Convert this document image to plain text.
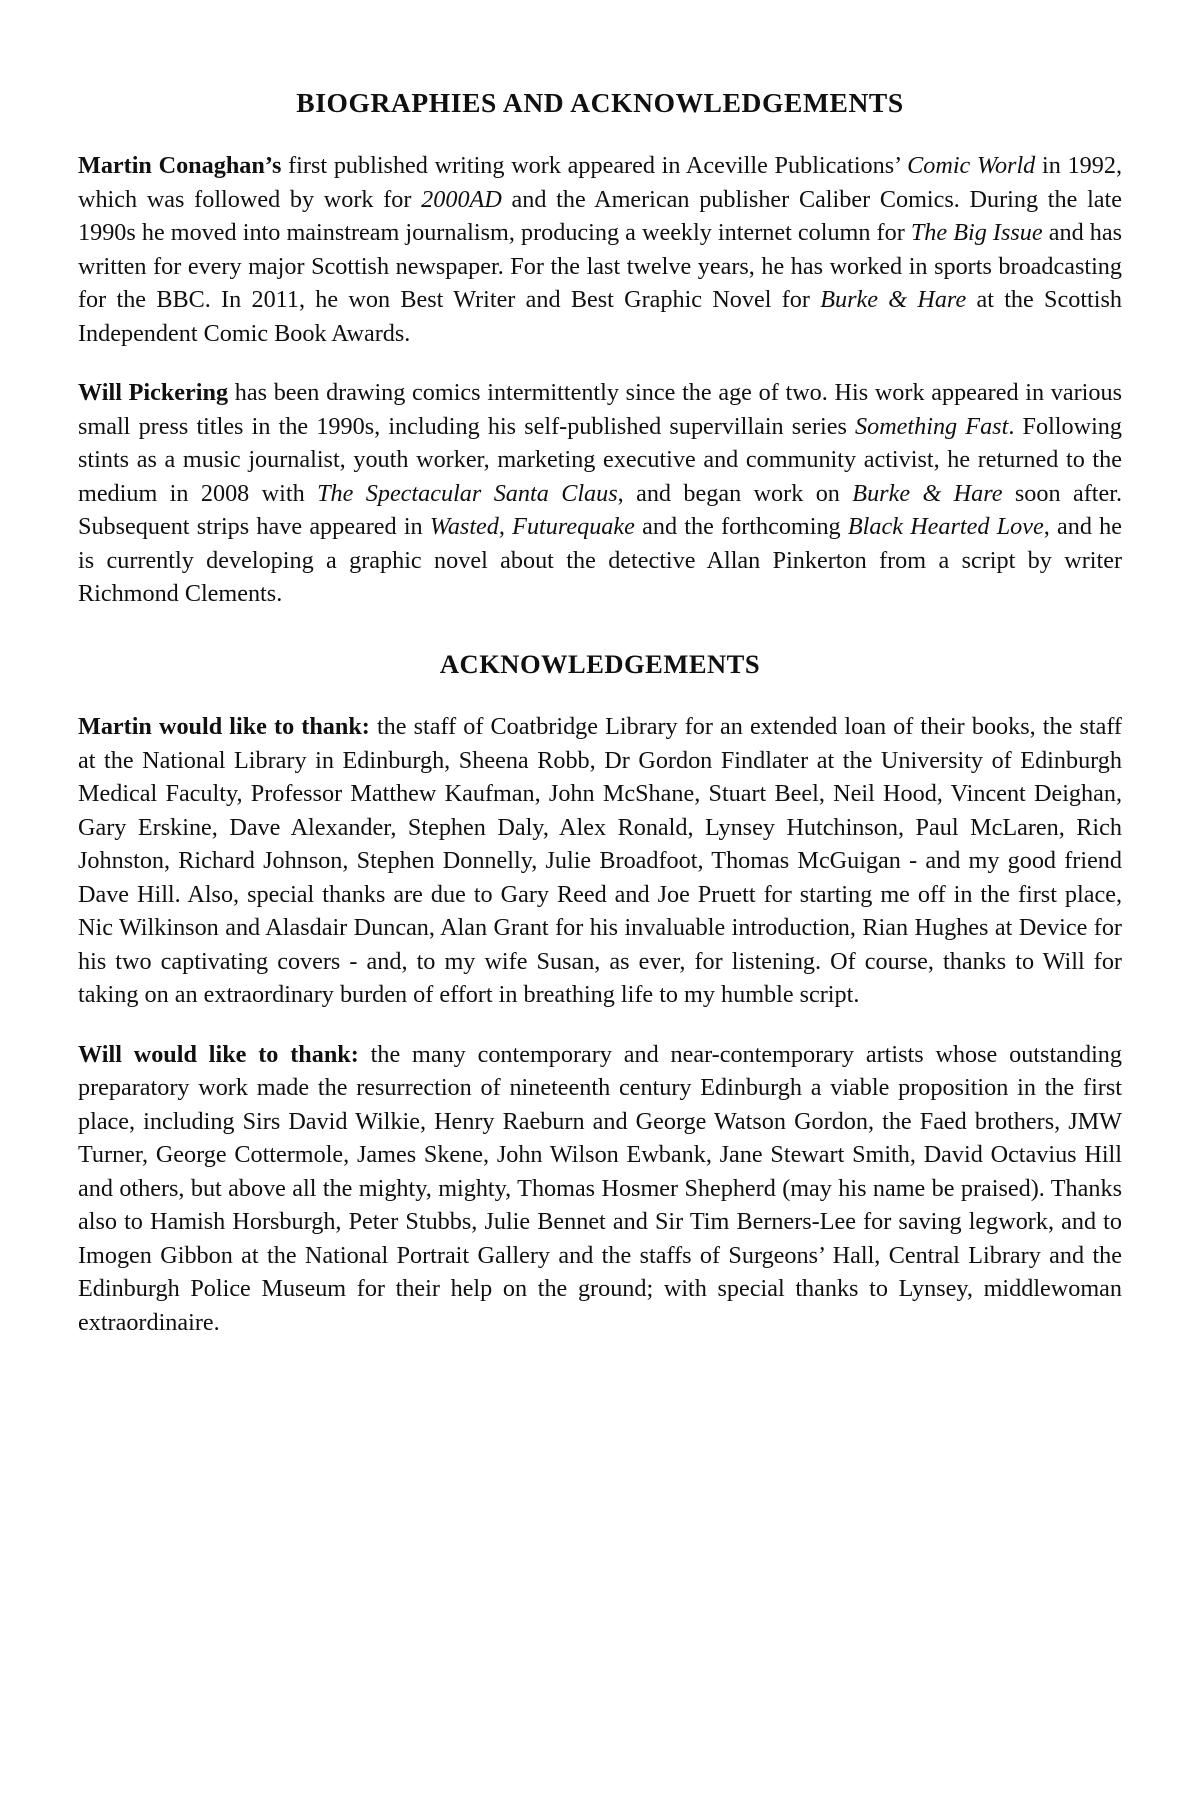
BIOGRAPHIES AND ACKNOWLEDGEMENTS

Martin Conaghan’s first published writing work appeared in Aceville Publications’ Comic World in 1992, which was followed by work for 2000AD and the American publisher Caliber Comics. During the late 1990s he moved into mainstream journalism, producing a weekly internet column for The Big Issue and has written for every major Scottish newspaper. For the last twelve years, he has worked in sports broadcasting for the BBC. In 2011, he won Best Writer and Best Graphic Novel for Burke & Hare at the Scottish Independent Comic Book Awards.

Will Pickering has been drawing comics intermittently since the age of two. His work appeared in various small press titles in the 1990s, including his self-published supervillain series Something Fast. Following stints as a music journalist, youth worker, marketing executive and community activist, he returned to the medium in 2008 with The Spectacular Santa Claus, and began work on Burke & Hare soon after. Subsequent strips have appeared in Wasted, Futurequake and the forthcoming Black Hearted Love, and he is currently developing a graphic novel about the detective Allan Pinkerton from a script by writer Richmond Clements.

ACKNOWLEDGEMENTS

Martin would like to thank: the staff of Coatbridge Library for an extended loan of their books, the staff at the National Library in Edinburgh, Sheena Robb, Dr Gordon Findlater at the University of Edinburgh Medical Faculty, Professor Matthew Kaufman, John McShane, Stuart Beel, Neil Hood, Vincent Deighan, Gary Erskine, Dave Alexander, Stephen Daly, Alex Ronald, Lynsey Hutchinson, Paul McLaren, Rich Johnston, Richard Johnson, Stephen Donnelly, Julie Broadfoot, Thomas McGuigan - and my good friend Dave Hill. Also, special thanks are due to Gary Reed and Joe Pruett for starting me off in the first place, Nic Wilkinson and Alasdair Duncan, Alan Grant for his invaluable introduction, Rian Hughes at Device for his two captivating covers - and, to my wife Susan, as ever, for listening. Of course, thanks to Will for taking on an extraordinary burden of effort in breathing life to my humble script.

Will would like to thank: the many contemporary and near-contemporary artists whose outstanding preparatory work made the resurrection of nineteenth century Edinburgh a viable proposition in the first place, including Sirs David Wilkie, Henry Raeburn and George Watson Gordon, the Faed brothers, JMW Turner, George Cottermole, James Skene, John Wilson Ewbank, Jane Stewart Smith, David Octavius Hill and others, but above all the mighty, mighty, Thomas Hosmer Shepherd (may his name be praised). Thanks also to Hamish Horsburgh, Peter Stubbs, Julie Bennet and Sir Tim Berners-Lee for saving legwork, and to Imogen Gibbon at the National Portrait Gallery and the staffs of Surgeons’ Hall, Central Library and the Edinburgh Police Museum for their help on the ground; with special thanks to Lynsey, middlewoman extraordinaire.
